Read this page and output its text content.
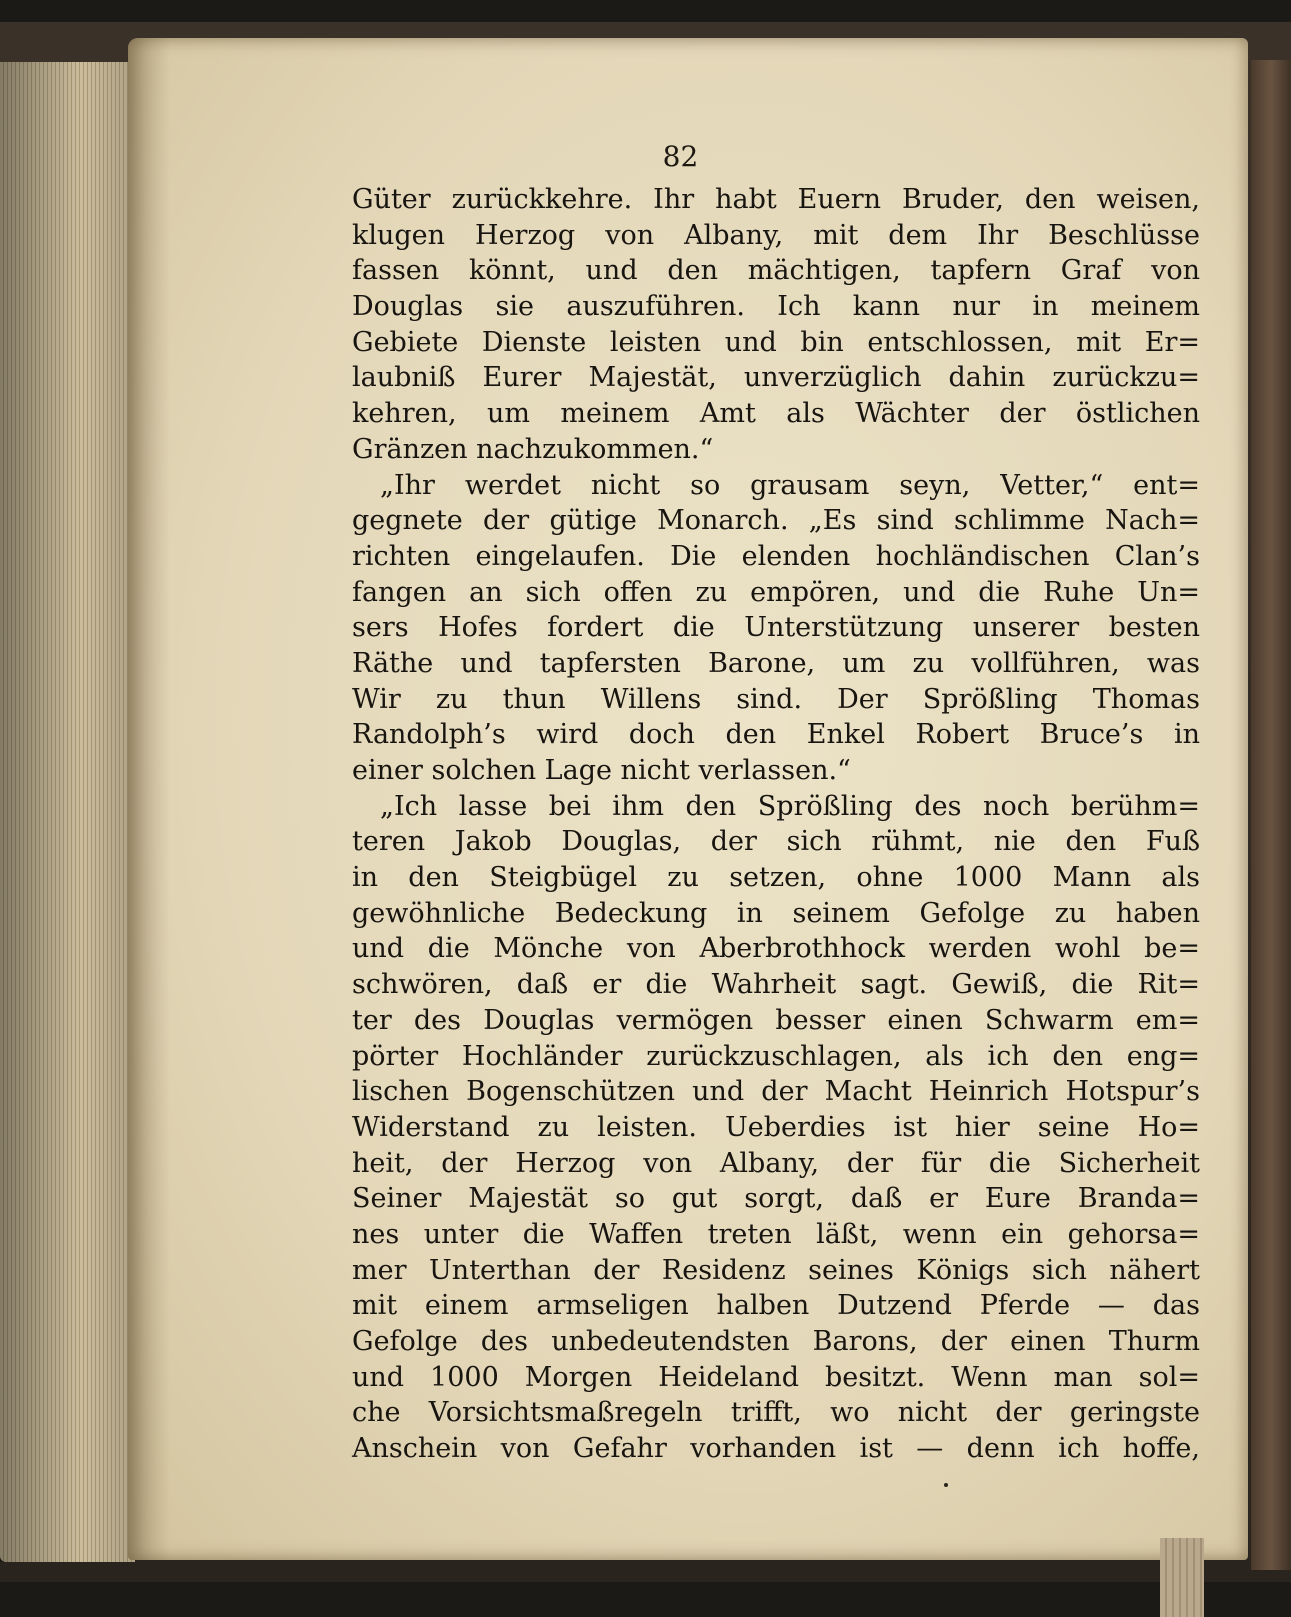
82
Güter zurückkehre. Ihr habt Euern Bruder, den weisen,
klugen Herzog von Albany, mit dem Ihr Beschlüsse
fassen könnt, und den mächtigen, tapfern Graf von
Douglas sie auszuführen. Ich kann nur in meinem
Gebiete Dienste leisten und bin entschlossen, mit Er=
laubniß Eurer Majestät, unverzüglich dahin zurückzu=
kehren, um meinem Amt als Wächter der östlichen
Gränzen nachzukommen.“
„Ihr werdet nicht so grausam seyn, Vetter,“ ent=
gegnete der gütige Monarch. „Es sind schlimme Nach=
richten eingelaufen. Die elenden hochländischen Clan’s
fangen an sich offen zu empören, und die Ruhe Un=
sers Hofes fordert die Unterstützung unserer besten
Räthe und tapfersten Barone, um zu vollführen, was
Wir zu thun Willens sind. Der Sprößling Thomas
Randolph’s wird doch den Enkel Robert Bruce’s in
einer solchen Lage nicht verlassen.“
„Ich lasse bei ihm den Sprößling des noch berühm=
teren Jakob Douglas, der sich rühmt, nie den Fuß
in den Steigbügel zu setzen, ohne 1000 Mann als
gewöhnliche Bedeckung in seinem Gefolge zu haben
und die Mönche von Aberbrothhock werden wohl be=
schwören, daß er die Wahrheit sagt. Gewiß, die Rit=
ter des Douglas vermögen besser einen Schwarm em=
pörter Hochländer zurückzuschlagen, als ich den eng=
lischen Bogenschützen und der Macht Heinrich Hotspur’s
Widerstand zu leisten. Ueberdies ist hier seine Ho=
heit, der Herzog von Albany, der für die Sicherheit
Seiner Majestät so gut sorgt, daß er Eure Branda=
nes unter die Waffen treten läßt, wenn ein gehorsa=
mer Unterthan der Residenz seines Königs sich nähert
mit einem armseligen halben Dutzend Pferde — das
Gefolge des unbedeutendsten Barons, der einen Thurm
und 1000 Morgen Heideland besitzt. Wenn man sol=
che Vorsichtsmaßregeln trifft, wo nicht der geringste
Anschein von Gefahr vorhanden ist — denn ich hoffe,
